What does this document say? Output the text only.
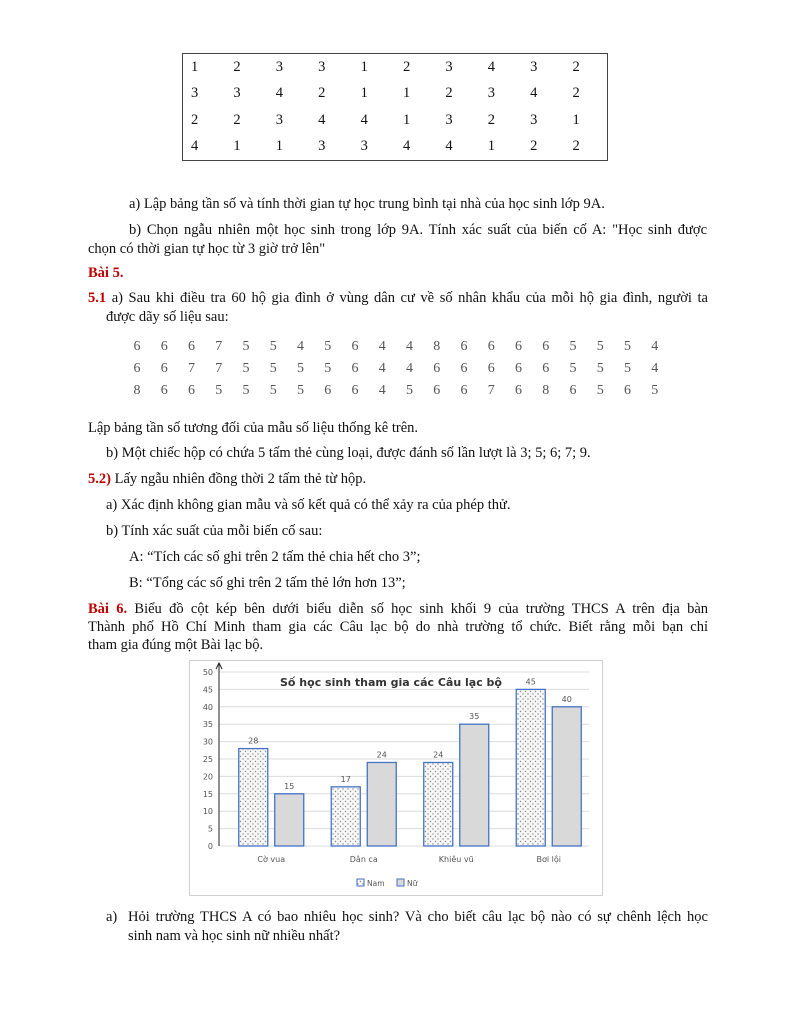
1	2	3	3	1	2	3	4	3	2
3	3	4	2	1	1	2	3	4	2
2	2	3	4	4	1	3	2	3	1
4	1	1	3	3	4	4	1	2	2
a) Lập bảng tần số và tính thời gian tự học trung bình tại nhà của học sinh lớp 9A.
b) Chọn ngẫu nhiên một học sinh trong lớp 9A. Tính xác suất của biến cố A: "Học sinh được
chọn có thời gian tự học từ 3 giờ trở lên"
Bài 5.
5.1 a) Sau khi điều tra 60 hộ gia đình ở vùng dân cư về số nhân khẩu của mỗi hộ gia đình, người ta
được dãy số liệu sau:
6	6	6	7	5	5	4	5	6	4	4	8	6	6	6	6	5	5	5	4
6	6	7	7	5	5	5	5	6	4	4	6	6	6	6	6	5	5	5	4
8	6	6	5	5	5	5	6	6	4	5	6	6	7	6	8	6	5	6	5
Lập bảng tần số tương đối của mẫu số liệu thống kê trên.
b) Một chiếc hộp có chứa 5 tấm thẻ cùng loại, được đánh số lần lượt là 3; 5; 6; 7; 9.
5.2) Lấy ngẫu nhiên đồng thời 2 tấm thẻ từ hộp.
a) Xác định không gian mẫu và số kết quả có thể xảy ra của phép thử.
b) Tính xác suất của mỗi biến cố sau:
A: “Tích các số ghi trên 2 tấm thẻ chia hết cho 3”;
B: “Tổng các số ghi trên 2 tấm thẻ lớn hơn 13”;
Bài 6. Biểu đồ cột kép bên dưới biểu diễn số học sinh khối 9 của trường THCS A trên địa bàn
Thành phố Hồ Chí Minh tham gia các Câu lạc bộ do nhà trường tổ chức. Biết rằng mỗi bạn chỉ
tham gia đúng một Bài lạc bộ.
0
5
10
15
20
25
30
35
40
45
50
28
15
Cờ vua
17
24
Dân ca
24
35
Khiêu vũ
45
40
Bơi lội
Số học sinh tham gia các Câu lạc bộ
Nam	Nữ
a) Hỏi trường THCS A có bao nhiêu học sinh? Và cho biết câu lạc bộ nào có sự chênh lệch học
sinh nam và học sinh nữ nhiều nhất?
